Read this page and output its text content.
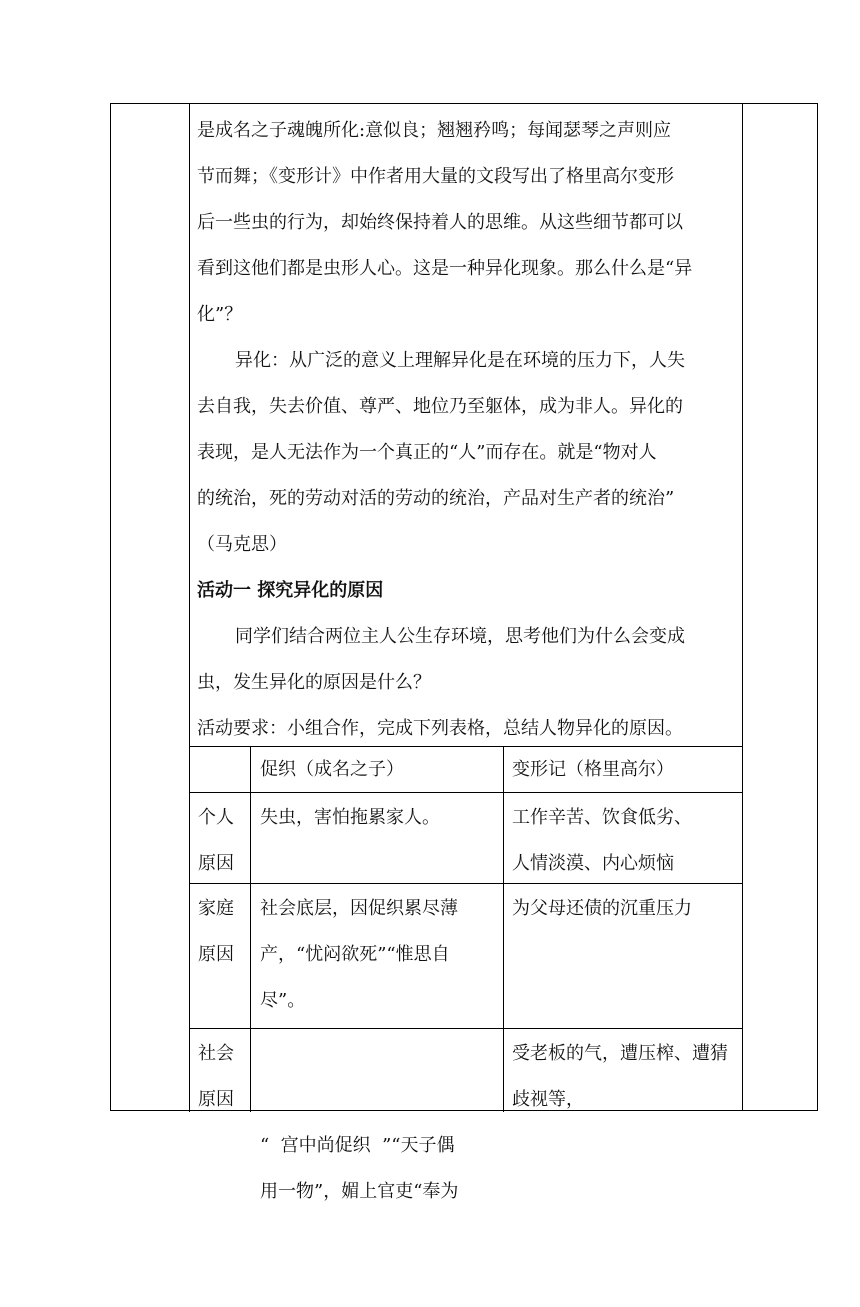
是成名之子魂魄所化:意似良；翘翘矜鸣；每闻瑟琴之声则应

节而舞；《变形计》中作者用大量的文段写出了格里高尔变形

后一些虫的行为，却始终保持着人的思维。从这些细节都可以

看到这他们都是虫形人心。这是一种异化现象。那么什么是“异

化”？

异化：从广泛的意义上理解异化是在环境的压力下，人失

去自我，失去价值、尊严、地位乃至躯体，成为非人。异化的

表现，是人无法作为一个真正的“人”而存在。就是“物对人

的统治，死的劳动对活的劳动的统治，产品对生产者的统治”

（马克思）

活动一 探究异化的原因

同学们结合两位主人公生存环境，思考他们为什么会变成

虫，发生异化的原因是什么？

活动要求：小组合作，完成下列表格，总结人物异化的原因。

促织（成名之子）	变形记（格里高尔）
个人
原因
失虫，害怕拖累家人。	工作辛苦、饮食低劣、
人情淡漠、内心烦恼
家庭
原因
社会底层，因促织累尽薄
产，“忧闷欲死”“惟思自
尽”。
为父母还债的沉重压力
社会
原因

“  宫中尚促织  ”“天子偶
用一物”，媚上官吏“奉为

受老板的气，遭压榨、遭猜
歧视等，
